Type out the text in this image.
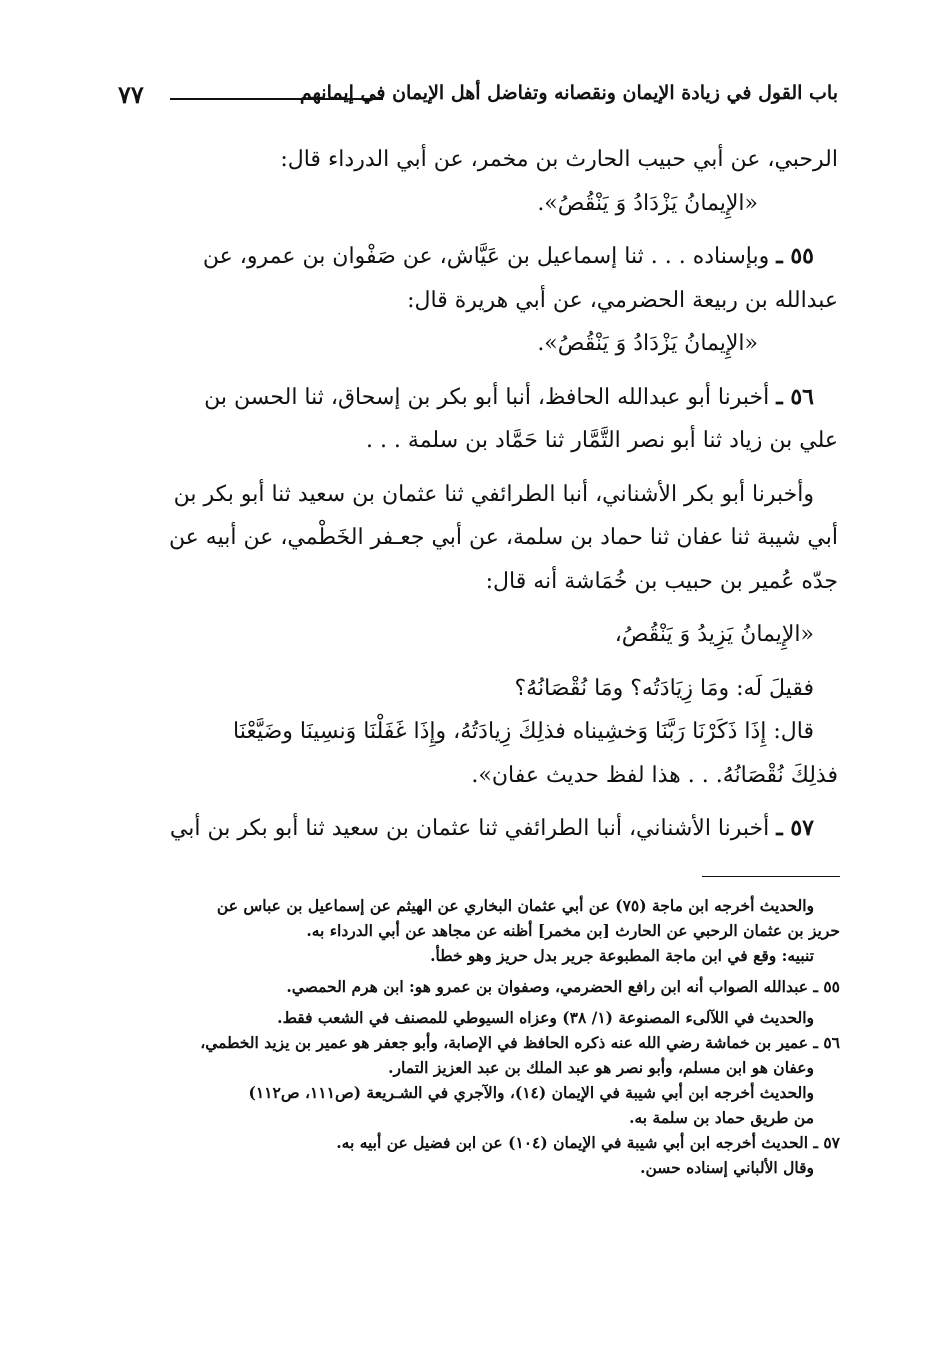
٧٧	باب القول في زيادة الإيمان ونقصانه وتفاضل أهل الإيمان في إيمانهم

الرحبي، عن أبي حبيب الحارث بن مخمر، عن أبي الدرداء قال:

«الإِيمانُ يَزْدَادُ وَ يَنْقُصُ».

٥٥ ـ وبإسناده . . . ثنا إسماعيل بن عَيَّاش، عن صَفْوان بن عمرو، عن

عبدالله بن ربيعة الحضرمي، عن أبي هريرة قال:

«الإِيمانُ يَزْدَادُ وَ يَنْقُصُ».

٥٦ ـ أخبرنا أبو عبدالله الحافظ، أنبا أبو بكر بن إسحاق، ثنا الحسن بن

علي بن زياد ثنا أبو نصر التَّمَّار ثنا حَمَّاد بن سلمة . . .

وأخبرنا أبو بكر الأشناني، أنبا الطرائفي ثنا عثمان بن سعيد ثنا أبو بكر بن

أبي شيبة ثنا عفان ثنا حماد بن سلمة، عن أبي جعـفر الخَطْمي، عن أبيه عن

جدّه عُمير بن حبيب بن خُمَاشة أنه قال:

«الإِيمانُ يَزِيدُ وَ يَنْقُصُ،

فقيلَ لَه: ومَا زِيَادَتُه؟ ومَا نُقْصَانُهُ؟

قال: إِذَا ذَكَرْنَا رَبَّنَا وَخشِيناه فذلِكَ زِيادَتُهُ، وإِذَا غَفَلْنَا وَنسِينَا وضَيَّعْنَا

فذلِكَ نُقْصَانُهُ. . . هذا لفظ حديث عفان».

٥٧ ـ أخبرنا الأشناني، أنبا الطرائفي ثنا عثمان بن سعيد ثنا أبو بكر بن أبي

والحديث أخرجه ابن ماجة (٧٥) عن أبي عثمان البخاري عن الهيثم عن إسماعيل بن عباس عن

حريز بن عثمان الرحبي عن الحارث [بن مخمر] أظنه عن مجاهد عن أبي الدرداء به.

تنبيه: وقع في ابن ماجة المطبوعة جرير بدل حريز وهو خطأ.

٥٥ ـ عبدالله الصواب أنه ابن رافع الحضرمي، وصفوان بن عمرو هو: ابن هرم الحمصي.

والحديث في اللآلىء المصنوعة (١/ ٣٨) وعزاه السيوطي للمصنف في الشعب فقط.

٥٦ ـ عمير بن خماشة رضي الله عنه ذكره الحافظ في الإصابة، وأبو جعفر هو عمير بن يزيد الخطمي،

وعفان هو ابن مسلم، وأبو نصر هو عبد الملك بن عبد العزيز التمار.

والحديث أخرجه ابن أبي شيبة في الإيمان (١٤)، والآجري في الشـريعة (ص١١١، ص١١٢)

من طريق حماد بن سلمة به.

٥٧ ـ الحديث أخرجه ابن أبي شيبة في الإيمان (١٠٤) عن ابن فضيل عن أبيه به.

وقال الألباني إسناده حسن.
